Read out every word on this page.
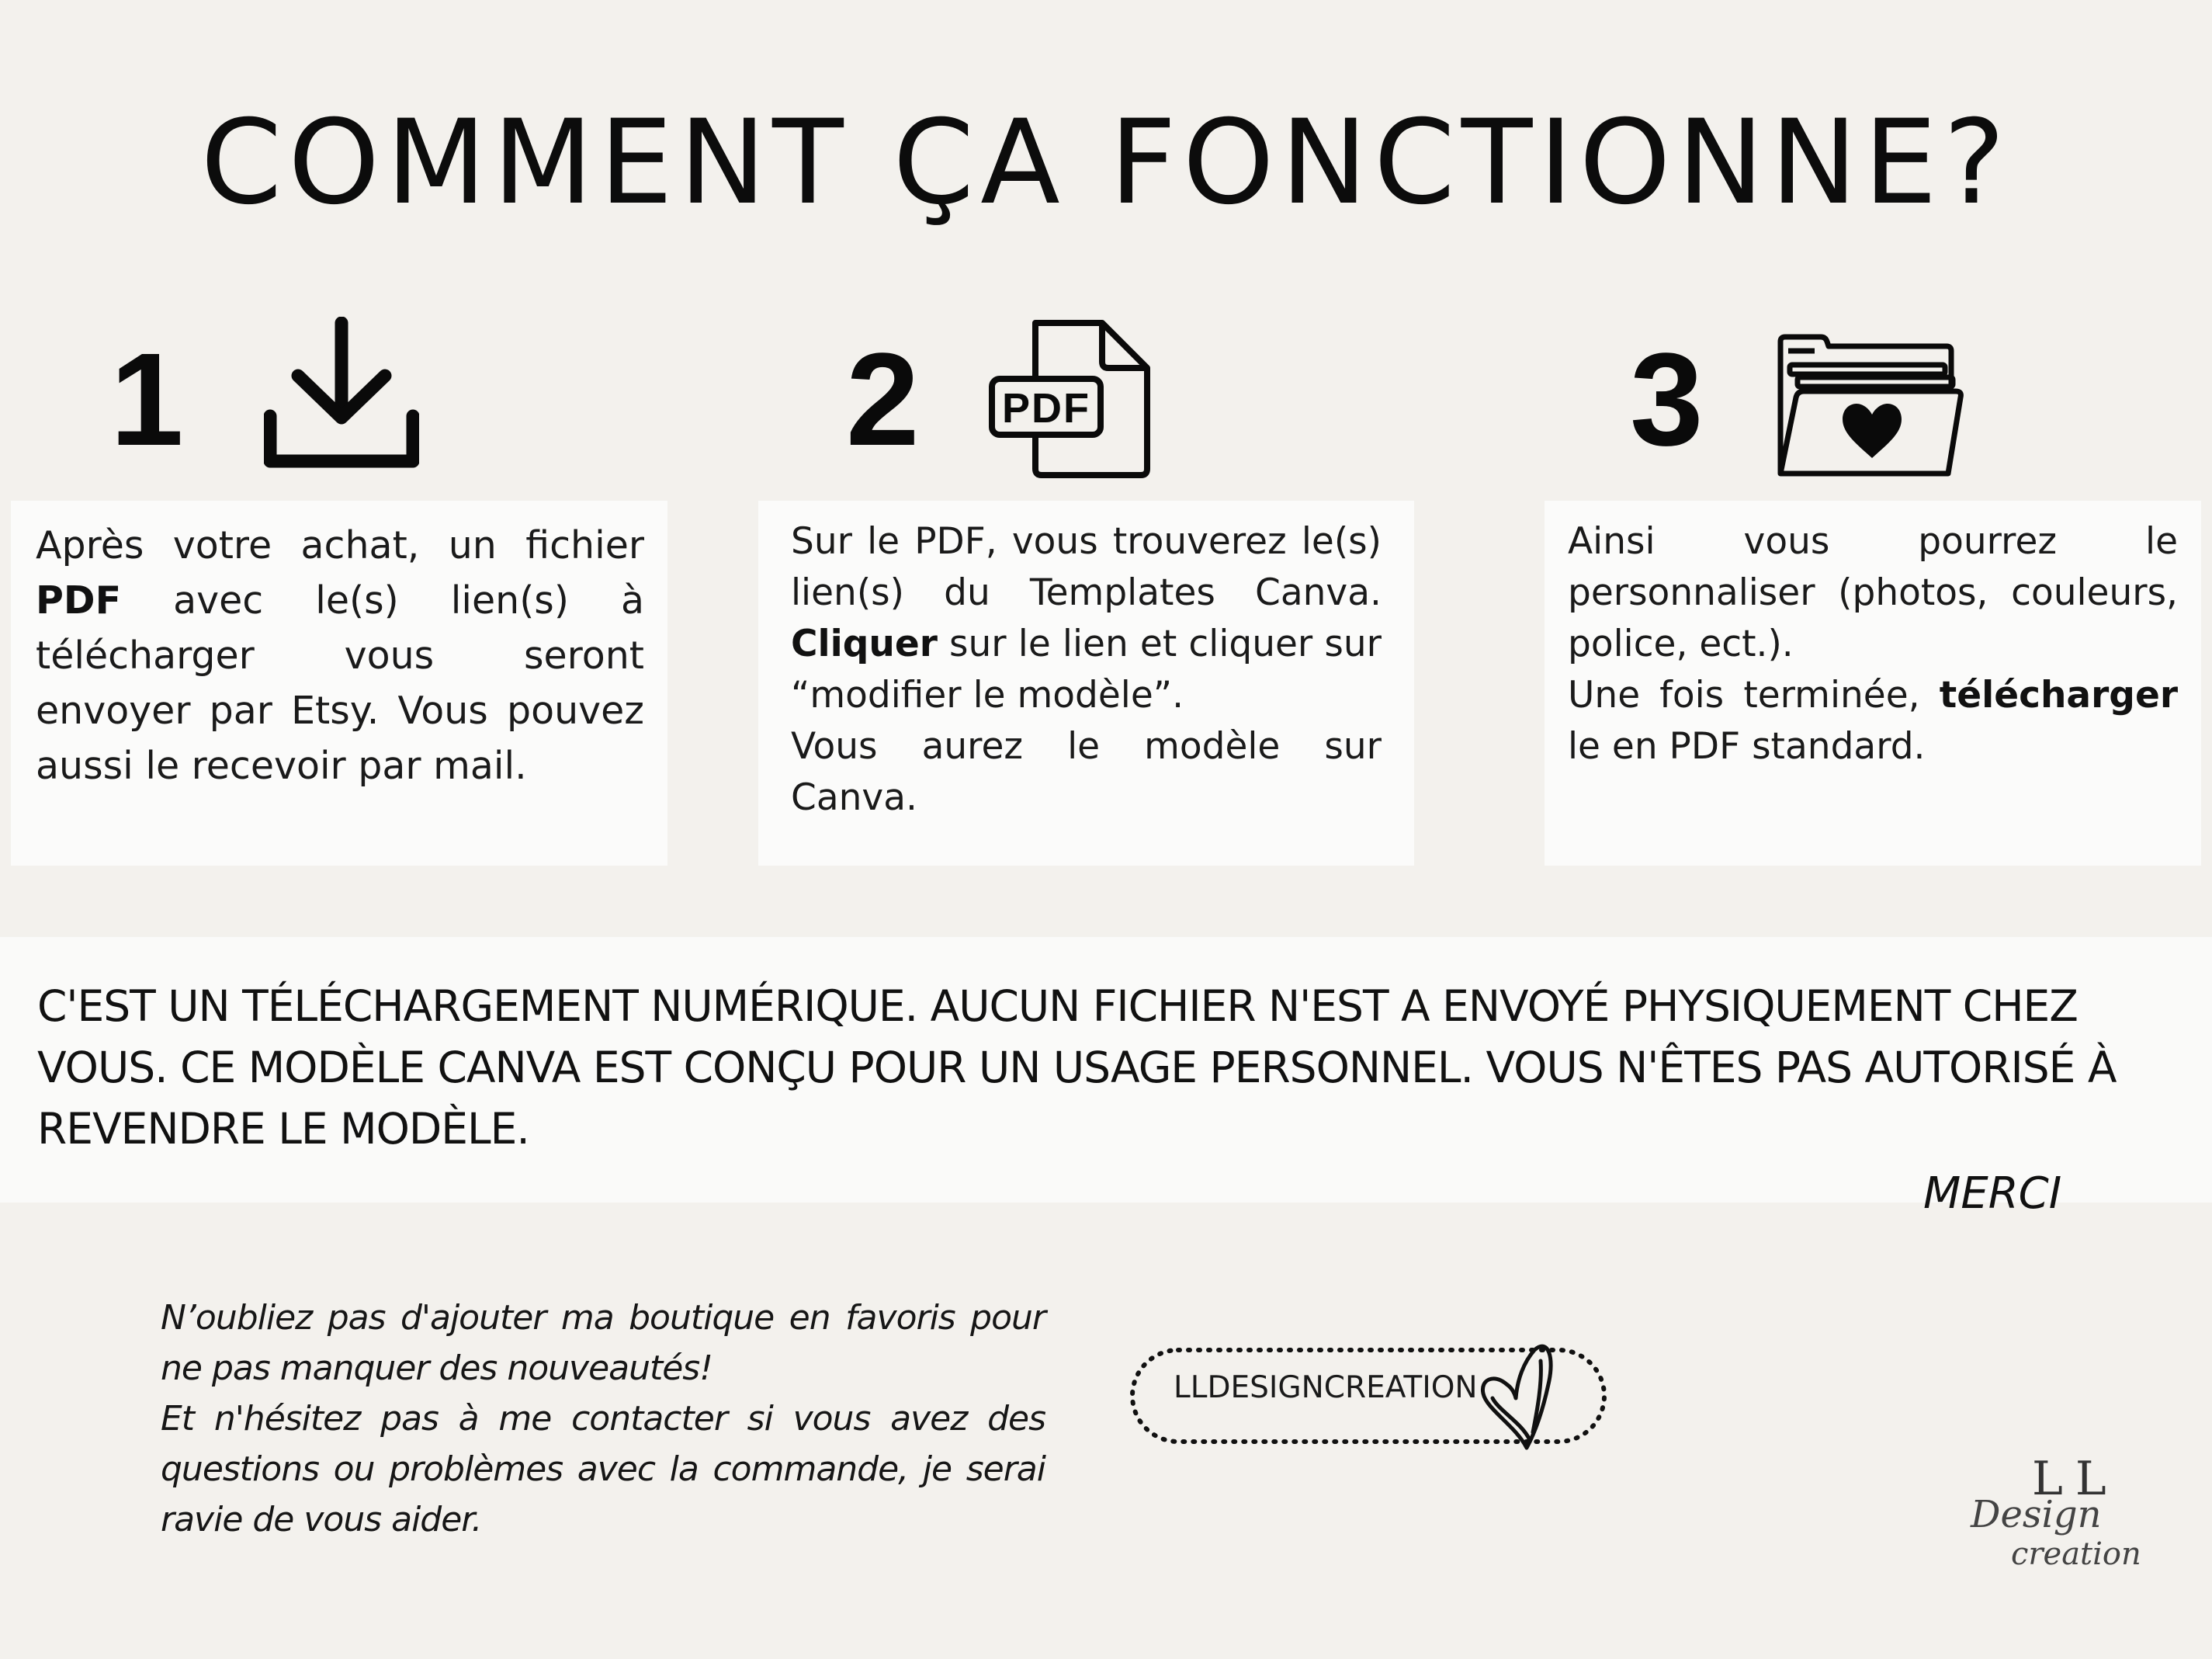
COMMENT ÇA FONCTIONNE?
1

Après votre achat, un fichier PDF avec le(s) lien(s) à télécharger vous seront envoyer par Etsy. Vous pouvez aussi le recevoir par mail.

2 PDF

Sur le PDF, vous trouverez le(s) lien(s) du Templates Canva. Cliquer sur le lien et cliquer sur “modifier le modèle”.

Vous aurez le modèle sur Canva.

3

Ainsi vous pourrez le personnaliser (photos, couleurs, police, ect.).

Une fois terminée, télécharger le en PDF standard.

C'EST UN TÉLÉCHARGEMENT NUMÉRIQUE. AUCUN FICHIER N'EST A ENVOYÉ PHYSIQUEMENT CHEZ VOUS. CE MODÈLE CANVA EST CONÇU POUR UN USAGE PERSONNEL. VOUS N'ÊTES PAS AUTORISÉ À REVENDRE LE MODÈLE.

MERCI

N’oubliez pas d'ajouter ma boutique en favoris pour ne pas manquer des nouveautés!

Et n'hésitez pas à me contacter si vous avez des questions ou problèmes avec la commande, je serai ravie de vous aider.

LLDESIGNCREATION
LL
Design
creation
